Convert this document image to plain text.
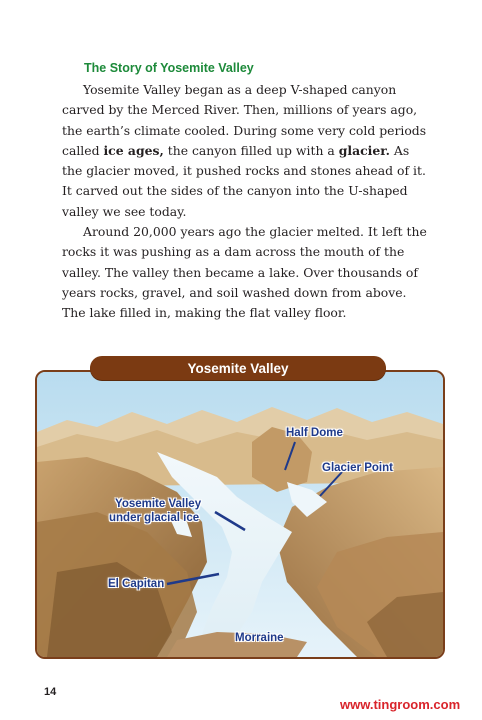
The Story of Yosemite Valley

Yosemite Valley began as a deep V-shaped canyon carved by the Merced River. Then, millions of years ago, the earth’s climate cooled. During some very cold periods called ice ages, the canyon filled up with a glacier. As the glacier moved, it pushed rocks and stones ahead of it. It carved out the sides of the canyon into the U-shaped valley we see today.

Around 20,000 years ago the glacier melted. It left the rocks it was pushing as a dam across the mouth of the valley. The valley then became a lake. Over thousands of years rocks, gravel, and soil washed down from above. The lake filled in, making the flat valley floor.

Yosemite Valley
Half Dome
Glacier Point
Yosemite Valley
under glacial ice
El Capitan
Morraine
14
www.tingroom.com
